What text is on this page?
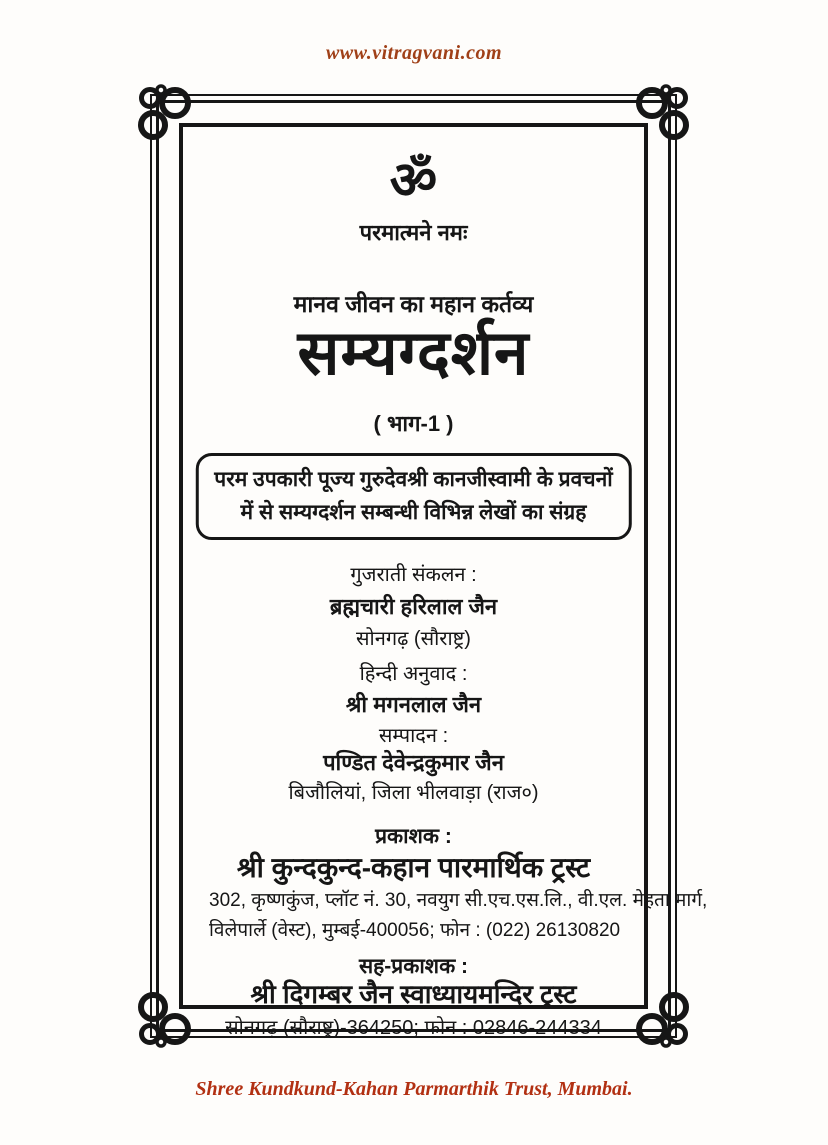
www.vitragvani.com
ॐ
परमात्मने नमः
मानव जीवन का महान कर्तव्य
सम्यग्दर्शन
( भाग-1 )
परम उपकारी पूज्य गुरुदेवश्री कानजीस्वामी के प्रवचनों
में से सम्यग्दर्शन सम्बन्धी विभिन्न लेखों का संग्रह
गुजराती संकलन :
ब्रह्मचारी हरिलाल जैन
सोनगढ़ (सौराष्ट्र)
हिन्दी अनुवाद :
श्री मगनलाल जैन
सम्पादन :
पण्डित देवेन्द्रकुमार जैन
बिजौलियां, जिला भीलवाड़ा (राज०)
प्रकाशक :
श्री कुन्दकुन्द-कहान पारमार्थिक ट्रस्ट
302, कृष्णकुंज, प्लॉट नं. 30, नवयुग सी.एच.एस.लि., वी.एल. मेहता मार्ग,
विलेपार्ले (वेस्ट), मुम्बई-400056; फोन : (022) 26130820
सह-प्रकाशक :
श्री दिगम्बर जैन स्वाध्यायमन्दिर ट्रस्ट
सोनगढ़ (सौराष्ट्र)-364250; फोन : 02846-244334
Shree Kundkund-Kahan Parmarthik Trust, Mumbai.
